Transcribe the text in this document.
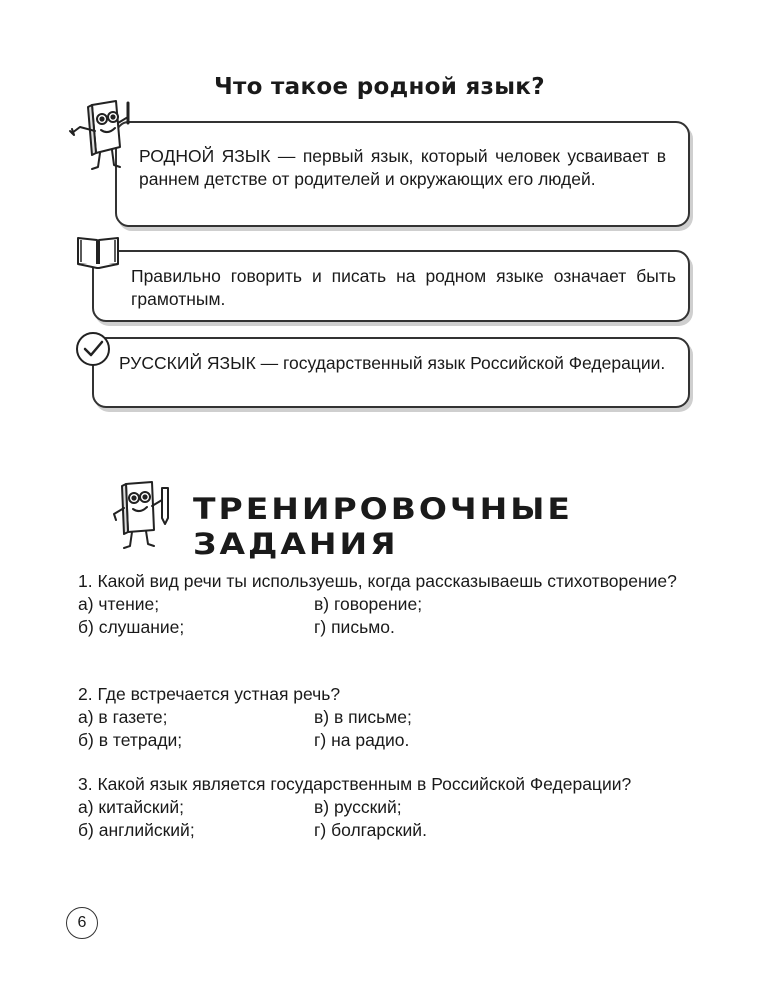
Что такое родной язык?
РОДНОЙ ЯЗЫК — первый язык, который человек усваивает в раннем детстве от родителей и окружающих его людей.
Правильно говорить и писать на родном языке означает быть грамотным.
РУССКИЙ ЯЗЫК — государственный язык Российской Федерации.
ТРЕНИРОВОЧНЫЕ ЗАДАНИЯ
1. Какой вид речи ты используешь, когда рассказываешь стихотворение?
а) чтение;	в) говорение;
б) слушание;	г) письмо.
2. Где встречается устная речь?
а) в газете;	в) в письме;
б) в тетради;	г) на радио.
3. Какой язык является государственным в Российской Федерации?
а) китайский;	в) русский;
б) английский;	г) болгарский.
6
